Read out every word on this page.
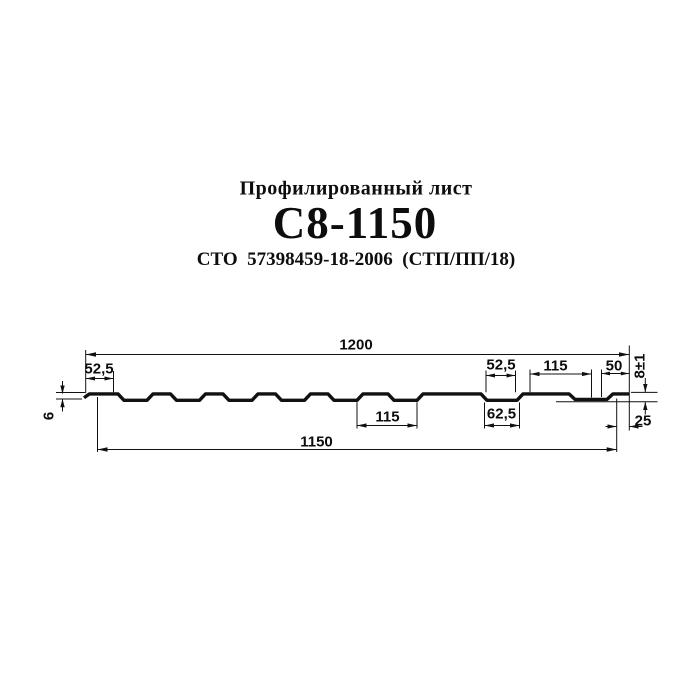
Профилированный лист
С8-1150
СТО  57398459-18-2006  (СТП/ПП/18)
1200
52,5
6
1150
115	62,5
52,5 115	50 8±1
25
